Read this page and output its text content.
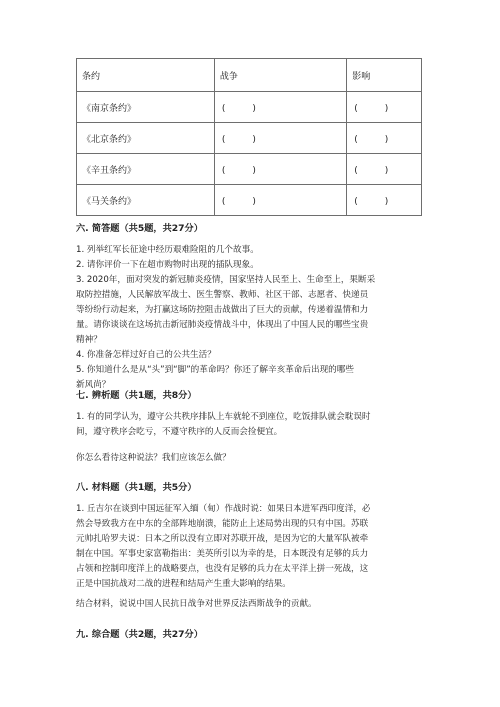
条约	战争	影响
《南京条约》	(　　　)	(　　　)
《北京条约》	(　　　)	(　　　)
《辛丑条约》	(　　　)	(　　　)
《马关条约》	(　　　)	(　　　)
六. 简答题（共5题，共27分）
1. 列举红军长征途中经历艰难险阻的几个故事。
2. 请你评价一下在超市购物时出现的插队现象。
3. 2020年，面对突发的新冠肺炎疫情，国家坚持人民至上、生命至上，果断采
取防控措施，人民解放军战士、医生警察、教师、社区干部、志愿者、快递员
等纷纷行动起来，为打赢这场防控阻击战做出了巨大的贡献，传递着温情和力
量。请你谈谈在这场抗击新冠肺炎疫情战斗中，体现出了中国人民的哪些宝贵
精神？
4. 你准备怎样过好自己的公共生活？
5. 你知道什么是从“头”到“脚”的革命吗？你还了解辛亥革命后出现的哪些
新风尚？
七. 辨析题（共1题，共8分）
1. 有的同学认为，遵守公共秩序排队上车就轮不到座位，吃饭排队就会耽误时
间，遵守秩序会吃亏，不遵守秩序的人反而会捡便宜。
你怎么看待这种说法？我们应该怎么做？
八. 材料题（共1题，共5分）
1. 丘吉尔在谈到中国远征军入缅（甸）作战时说：如果日本进军西印度洋，必
然会导致我方在中东的全部阵地崩溃，能防止上述局势出现的只有中国。苏联
元帅扎哈罗夫说：日本之所以没有立即对苏联开战，是因为它的大量军队被牵
制在中国。军事史家富勒指出：美英所引以为幸的是，日本既没有足够的兵力
占领和控制印度洋上的战略要点，也没有足够的兵力在太平洋上拼一死战，这
正是中国抗战对二战的进程和结局产生重大影响的结果。
结合材料，说说中国人民抗日战争对世界反法西斯战争的贡献。
九. 综合题（共2题，共27分）
